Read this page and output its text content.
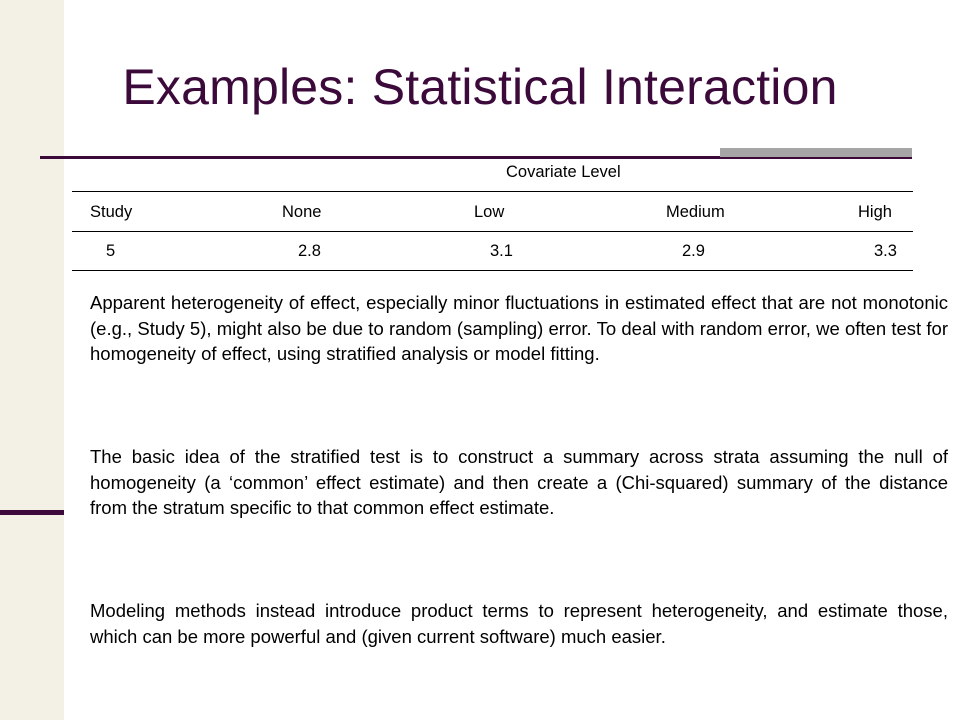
Examples: Statistical Interaction
Covariate Level
Study	None	Low	Medium	High
5	2.8	3.1	2.9	3.3

Apparent heterogeneity of effect, especially minor fluctuations in estimated effect that are not monotonic (e.g., Study 5), might also be due to random (sampling) error. To deal with random error, we often test for homogeneity of effect, using stratified analysis or model fitting.

The basic idea of the stratified test is to construct a summary across strata assuming the null of homogeneity (a ‘common’ effect estimate) and then create a (Chi-squared) summary of the distance from the stratum specific to that common effect estimate.

Modeling methods instead introduce product terms to represent heterogeneity, and estimate those, which can be more powerful and (given current software) much easier.
